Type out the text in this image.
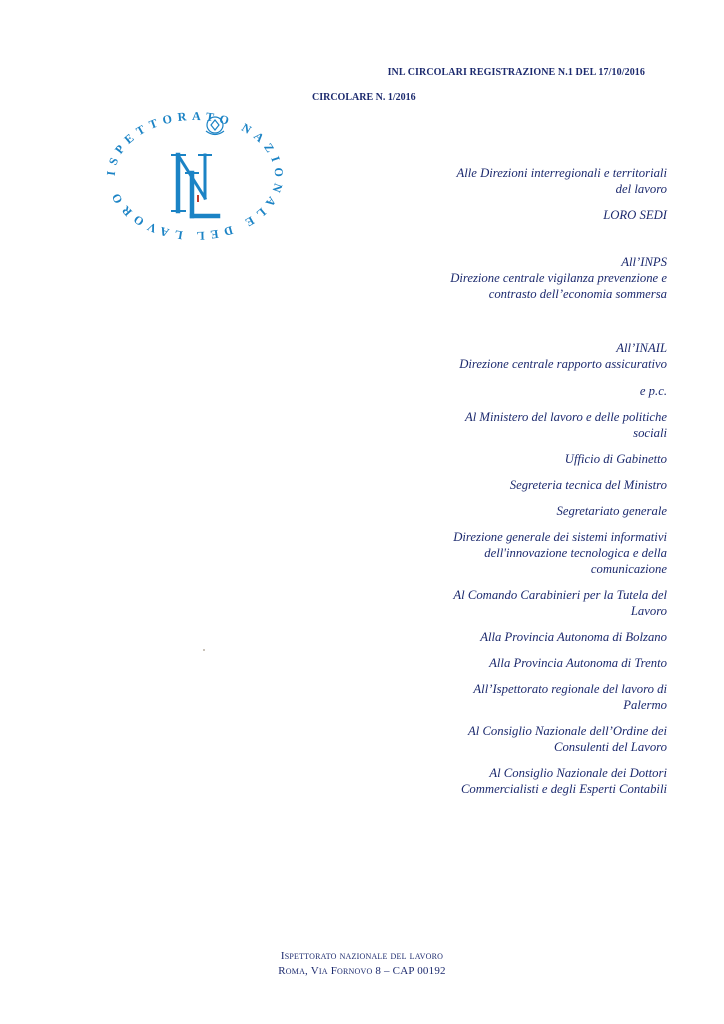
INL CIRCOLARI REGISTRAZIONE N.1 DEL 17/10/2016
CIRCOLARE N. 1/2016
ISPETTORATO NAZIONALE DEL LAVORO
Alle Direzioni interregionali e territoriali
del lavoro
LORO SEDI
All’INPS
Direzione centrale vigilanza prevenzione e
contrasto dell’economia sommersa
All’INAIL
Direzione centrale rapporto assicurativo
e p.c.
Al Ministero del lavoro e delle politiche
sociali
Ufficio di Gabinetto
Segreteria tecnica del Ministro
Segretariato generale
Direzione generale dei sistemi informativi
dell'innovazione tecnologica e della
comunicazione
Al Comando Carabinieri per la Tutela del
Lavoro
Alla Provincia Autonoma di Bolzano
Alla Provincia Autonoma di Trento
All’Ispettorato regionale del lavoro di
Palermo
Al Consiglio Nazionale dell’Ordine dei
Consulenti del Lavoro
Al Consiglio Nazionale dei Dottori
Commercialisti e degli Esperti Contabili
Ispettorato nazionale del lavoro
Roma, Via Fornovo 8 – CAP 00192
